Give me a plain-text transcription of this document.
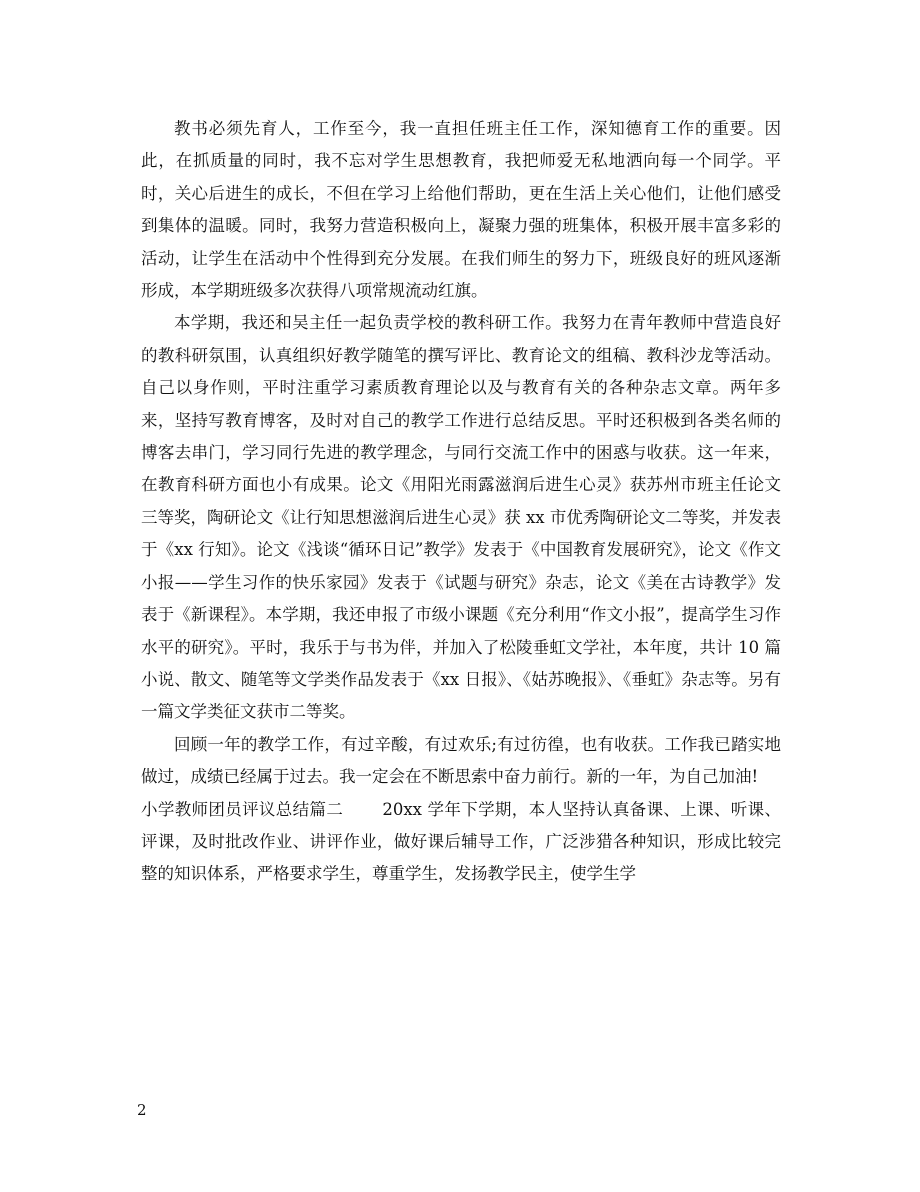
教书必须先育人，工作至今，我一直担任班主任工作，深知德育工作的重要。因此，在抓质量的同时，我不忘对学生思想教育，我把师爱无私地洒向每一个同学。平时，关心后进生的成长，不但在学习上给他们帮助，更在生活上关心他们，让他们感受到集体的温暖。同时，我努力营造积极向上，凝聚力强的班集体，积极开展丰富多彩的活动，让学生在活动中个性得到充分发展。在我们师生的努力下，班级良好的班风逐渐形成，本学期班级多次获得八项常规流动红旗。

本学期，我还和吴主任一起负责学校的教科研工作。我努力在青年教师中营造良好的教科研氛围，认真组织好教学随笔的撰写评比、教育论文的组稿、教科沙龙等活动。自己以身作则，平时注重学习素质教育理论以及与教育有关的各种杂志文章。两年多来，坚持写教育博客，及时对自己的教学工作进行总结反思。平时还积极到各类名师的博客去串门，学习同行先进的教学理念，与同行交流工作中的困惑与收获。这一年来，在教育科研方面也小有成果。论文《用阳光雨露滋润后进生心灵》获苏州市班主任论文三等奖，陶研论文《让行知思想滋润后进生心灵》获 xx 市优秀陶研论文二等奖，并发表于《xx 行知》。论文《浅谈“循环日记”教学》发表于《中国教育发展研究》，论文《作文小报——学生习作的快乐家园》发表于《试题与研究》杂志，论文《美在古诗教学》发表于《新课程》。本学期，我还申报了市级小课题《充分利用“作文小报”，提高学生习作水平的研究》。平时，我乐于与书为伴，并加入了松陵垂虹文学社，本年度，共计 10 篇小说、散文、随笔等文学类作品发表于《xx 日报》、《姑苏晚报》、《垂虹》杂志等。另有一篇文学类征文获市二等奖。

回顾一年的教学工作，有过辛酸，有过欢乐;有过彷徨，也有收获。工作我已踏实地做过，成绩已经属于过去。我一定会在不断思索中奋力前行。新的一年，为自己加油!

小学教师团员评议总结篇二 20xx 学年下学期，本人坚持认真备课、上课、听课、评课，及时批改作业、讲评作业，做好课后辅导工作，广泛涉猎各种知识，形成比较完整的知识体系，严格要求学生，尊重学生，发扬教学民主，使学生学

2
